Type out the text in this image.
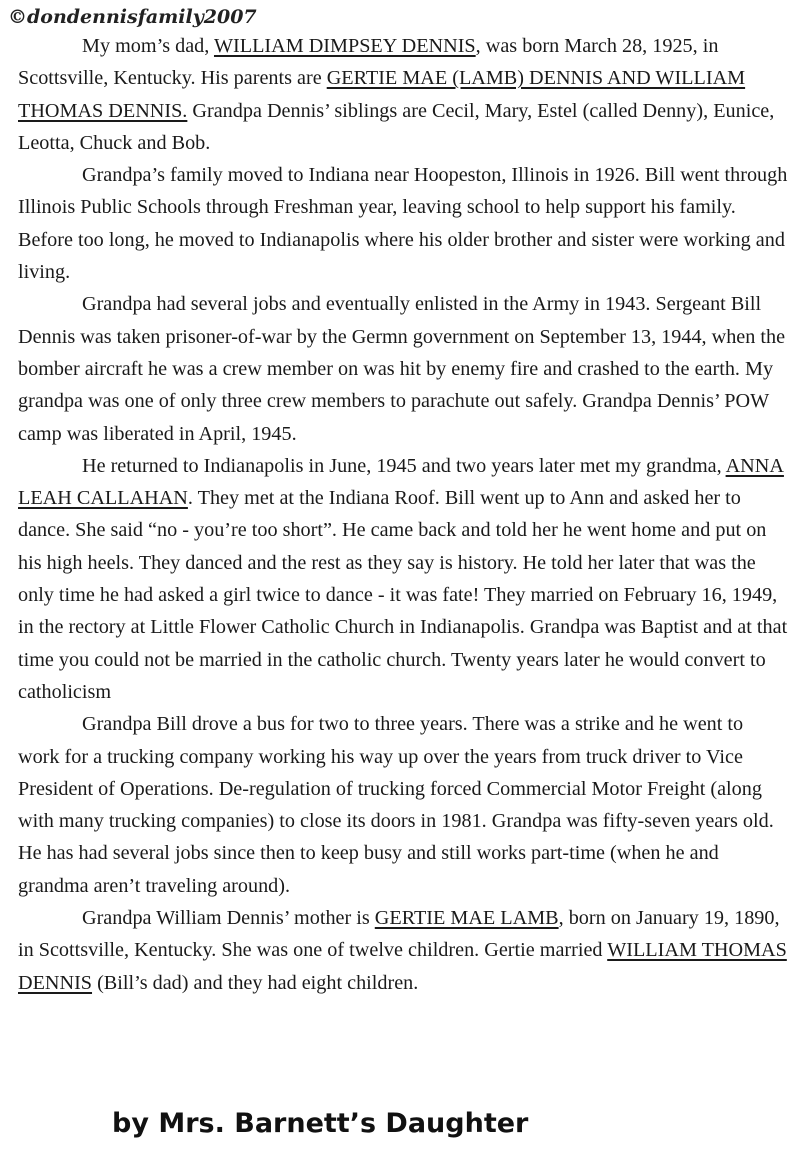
©dondennisfamily2007

My mom’s dad, WILLIAM DIMPSEY DENNIS, was born March 28, 1925, in Scottsville, Kentucky. His parents are GERTIE MAE (LAMB) DENNIS AND WILLIAM THOMAS DENNIS. Grandpa Dennis’ siblings are Cecil, Mary, Estel (called Denny), Eunice, Leotta, Chuck and Bob.

Grandpa’s family moved to Indiana near Hoopeston, Illinois in 1926. Bill went through Illinois Public Schools through Freshman year, leaving school to help support his family. Before too long, he moved to Indianapolis where his older brother and sister were working and living.

Grandpa had several jobs and eventually enlisted in the Army in 1943. Sergeant Bill Dennis was taken prisoner-of-war by the Germn government on September 13, 1944, when the bomber aircraft he was a crew member on was hit by enemy fire and crashed to the earth. My grandpa was one of only three crew members to parachute out safely. Grandpa Dennis’ POW camp was liberated in April, 1945.

He returned to Indianapolis in June, 1945 and two years later met my grandma, ANNA LEAH CALLAHAN. They met at the Indiana Roof. Bill went up to Ann and asked her to dance. She said “no - you’re too short”. He came back and told her he went home and put on his high heels. They danced and the rest as they say is history. He told her later that was the only time he had asked a girl twice to dance - it was fate! They married on February 16, 1949, in the rectory at Little Flower Catholic Church in Indianapolis. Grandpa was Baptist and at that time you could not be married in the catholic church. Twenty years later he would convert to catholicism

Grandpa Bill drove a bus for two to three years. There was a strike and he went to work for a trucking company working his way up over the years from truck driver to Vice President of Operations. De-regulation of trucking forced Commercial Motor Freight (along with many trucking companies) to close its doors in 1981. Grandpa was fifty-seven years old. He has had several jobs since then to keep busy and still works part-time (when he and grandma aren’t traveling around).

Grandpa William Dennis’ mother is GERTIE MAE LAMB, born on January 19, 1890, in Scottsville, Kentucky. She was one of twelve children. Gertie married WILLIAM THOMAS DENNIS (Bill’s dad) and they had eight children.

by Mrs. Barnett’s Daughter
